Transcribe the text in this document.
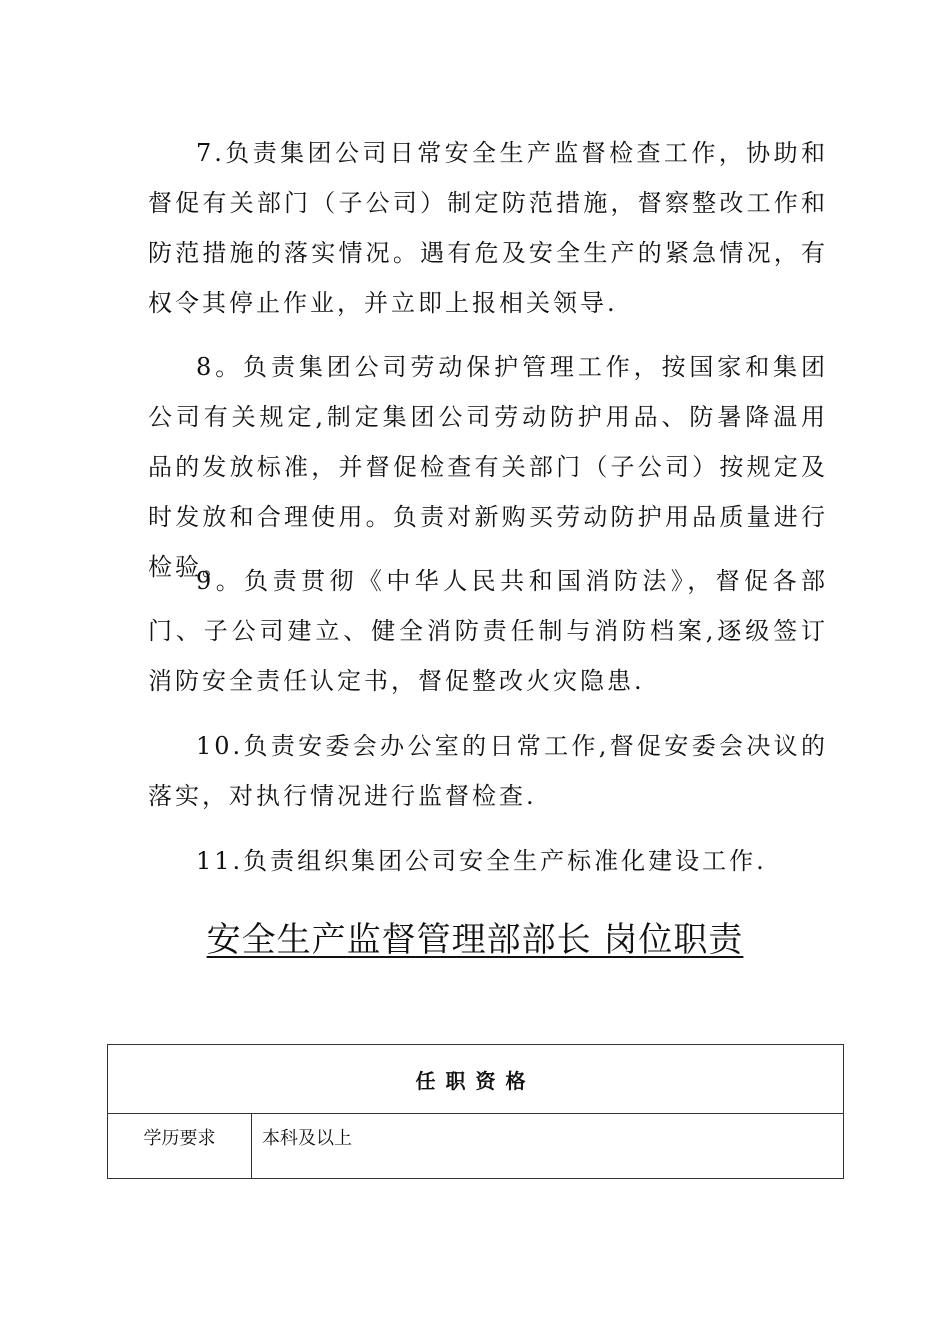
7.负责集团公司日常安全生产监督检查工作，协助和督促有关部门（子公司）制定防范措施，督察整改工作和防范措施的落实情况。遇有危及安全生产的紧急情况，有权令其停止作业，并立即上报相关领导.

8。负责集团公司劳动保护管理工作，按国家和集团公司有关规定,制定集团公司劳动防护用品、防暑降温用品的发放标准，并督促检查有关部门（子公司）按规定及时发放和合理使用。负责对新购买劳动防护用品质量进行检验。

9。负责贯彻《中华人民共和国消防法》，督促各部门、子公司建立、健全消防责任制与消防档案,逐级签订消防安全责任认定书，督促整改火灾隐患.

10.负责安委会办公室的日常工作,督促安委会决议的落实，对执行情况进行监督检查.

11.负责组织集团公司安全生产标准化建设工作.

安全生产监督管理部部长 岗位职责
任职资格
学历要求	本科及以上
